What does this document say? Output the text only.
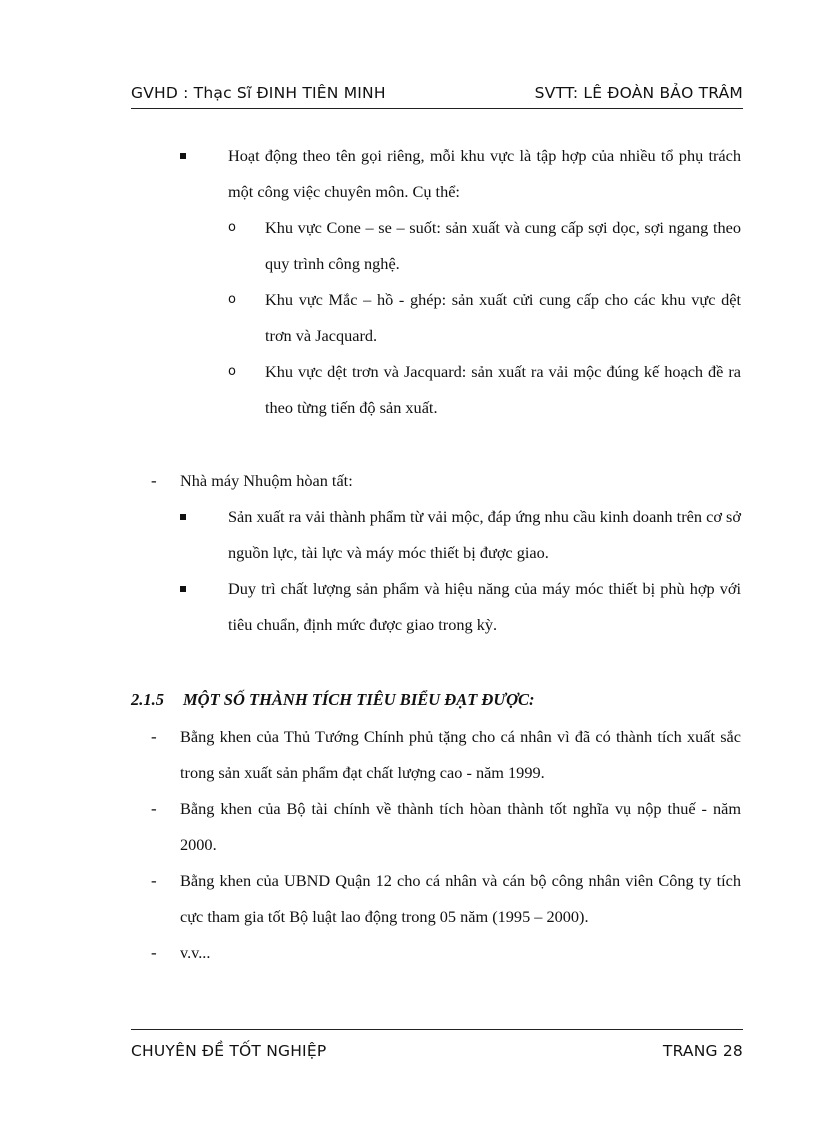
GVHD : Thạc Sĩ ĐINH TIÊN MINH	SVTT: LÊ ĐOÀN BẢO TRÂM
Hoạt động theo tên gọi riêng, mỗi khu vực là tập hợp của nhiều tổ phụ trách một công việc chuyên môn. Cụ thể:
o Khu vực Cone – se – suốt: sản xuất và cung cấp sợi dọc, sợi ngang theo quy trình công nghệ.
o Khu vực Mắc – hồ - ghép: sản xuất cửi cung cấp cho các khu vực dệt trơn và Jacquard.
o Khu vực dệt trơn và Jacquard: sản xuất ra vải mộc đúng kế hoạch đề ra theo từng tiến độ sản xuất.
- Nhà máy Nhuộm hòan tất:
Sản xuất ra vải thành phẩm từ vải mộc, đáp ứng nhu cầu kinh doanh trên cơ sở nguồn lực, tài lực và máy móc thiết bị được giao.
Duy trì chất lượng sản phẩm và hiệu năng của máy móc thiết bị phù hợp với tiêu chuẩn, định mức được giao trong kỳ.
2.1.5 MỘT SỐ THÀNH TÍCH TIÊU BIỂU ĐẠT ĐƯỢC:
- Bằng khen của Thủ Tướng Chính phủ tặng cho cá nhân vì đã có thành tích xuất sắc trong sản xuất sản phẩm đạt chất lượng cao - năm 1999.
- Bằng khen của Bộ tài chính về thành tích hòan thành tốt nghĩa vụ nộp thuế - năm 2000.
- Bằng khen của UBND Quận 12 cho cá nhân và cán bộ công nhân viên Công ty tích cực tham gia tốt Bộ luật lao động trong 05 năm (1995 – 2000).
- v.v...
CHUYÊN ĐỀ TỐT NGHIỆP	TRANG 28
